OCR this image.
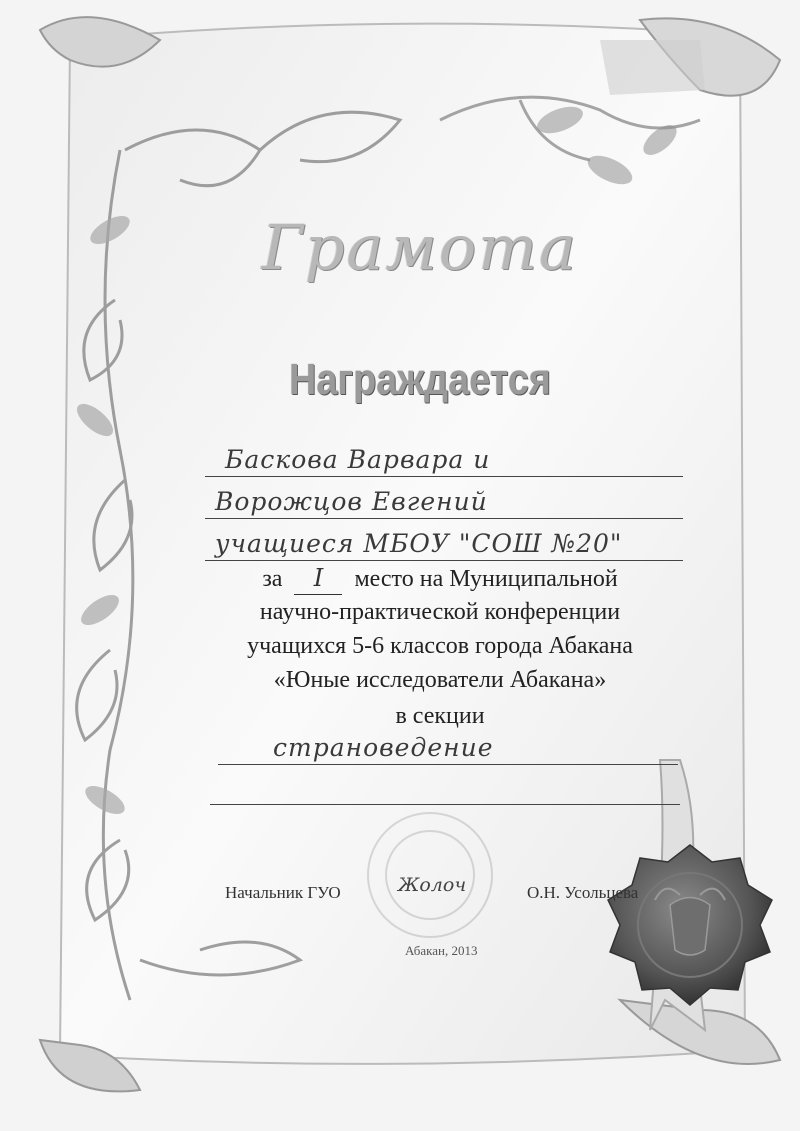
Грамота
Награждается
Баскова Варвара и
Ворожцов Евгений
учащиеся МБОУ "СОШ №20"
за I место на Муниципальной
научно-практической конференции
учащихся 5-6 классов города Абакана
«Юные исследователи Абакана»
в секции
страноведение
Начальник ГУО	Жолоч	О.Н. Усольцева
Абакан, 2013
